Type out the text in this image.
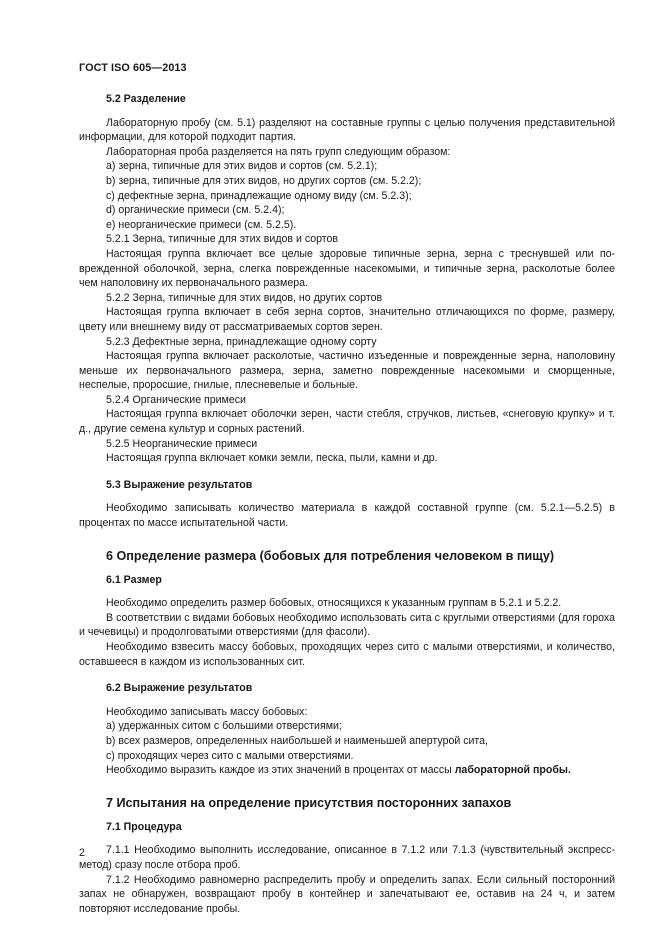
ГОСТ ISO 605—2013

5.2 Разделение

Лабораторную пробу (см. 5.1) разделяют на составные группы с целью получения представительной информации, для которой подходит партия.

Лабораторная проба разделяется на пять групп следующим образом:

a) зерна, типичные для этих видов и сортов (см. 5.2.1);

b) зерна, типичные для этих видов, но других сортов (см. 5.2.2);

c) дефектные зерна, принадлежащие одному виду (см. 5.2.3);

d) органические примеси (см. 5.2.4);

e) неорганические примеси (см. 5.2.5).

5.2.1 Зерна, типичные для этих видов и сортов

Настоящая группа включает все целые здоровые типичные зерна, зерна с треснувшей или поврежденной оболочкой, зерна, слегка поврежденные насекомыми, и типичные зерна, расколотые более чем наполовину их первоначального размера.

5.2.2 Зерна, типичные для этих видов, но других сортов

Настоящая группа включает в себя зерна сортов, значительно отличающихся по форме, размеру, цвету или внешнему виду от рассматриваемых сортов зерен.

5.2.3 Дефектные зерна, принадлежащие одному сорту

Настоящая группа включает расколотые, частично изъеденные и поврежденные зерна, наполовину меньше их первоначального размера, зерна, заметно поврежденные насекомыми и сморщенные, неспелые, проросшие, гнилые, плесневелые и больные.

5.2.4 Органические примеси

Настоящая группа включает оболочки зерен, части стебля, стручков, листьев, «снеговую крупку» и т. д., другие семена культур и сорных растений.

5.2.5 Неорганические примеси

Настоящая группа включает комки земли, песка, пыли, камни и др.

5.3 Выражение результатов

Необходимо записывать количество материала в каждой составной группе (см. 5.2.1—5.2.5) в процентах по массе испытательной части.

6 Определение размера (бобовых для потребления человеком в пищу)

6.1 Размер

Необходимо определить размер бобовых, относящихся к указанным группам в 5.2.1 и 5.2.2.

В соответствии с видами бобовых необходимо использовать сита с круглыми отверстиями (для гороха и чечевицы) и продолговатыми отверстиями (для фасоли).

Необходимо взвесить массу бобовых, проходящих через сито с малыми отверстиями, и количество, оставшееся в каждом из использованных сит.

6.2 Выражение результатов

Необходимо записывать массу бобовых:

a) удержанных ситом с большими отверстиями;

b) всех размеров, определенных наибольшей и наименьшей апертурой сита,

c) проходящих через сито с малыми отверстиями.

Необходимо выразить каждое из этих значений в процентах от массы лабораторной пробы.

7 Испытания на определение присутствия посторонних запахов

7.1 Процедура

7.1.1 Необходимо выполнить исследование, описанное в 7.1.2 или 7.1.3 (чувствительный экспресс-метод) сразу после отбора проб.

7.1.2 Необходимо равномерно распределить пробу и определить запах. Если сильный посторонний запах не обнаружен, возвращают пробу в контейнер и запечатывают ее, оставив на 24 ч, и затем повторяют исследование пробы.

2
